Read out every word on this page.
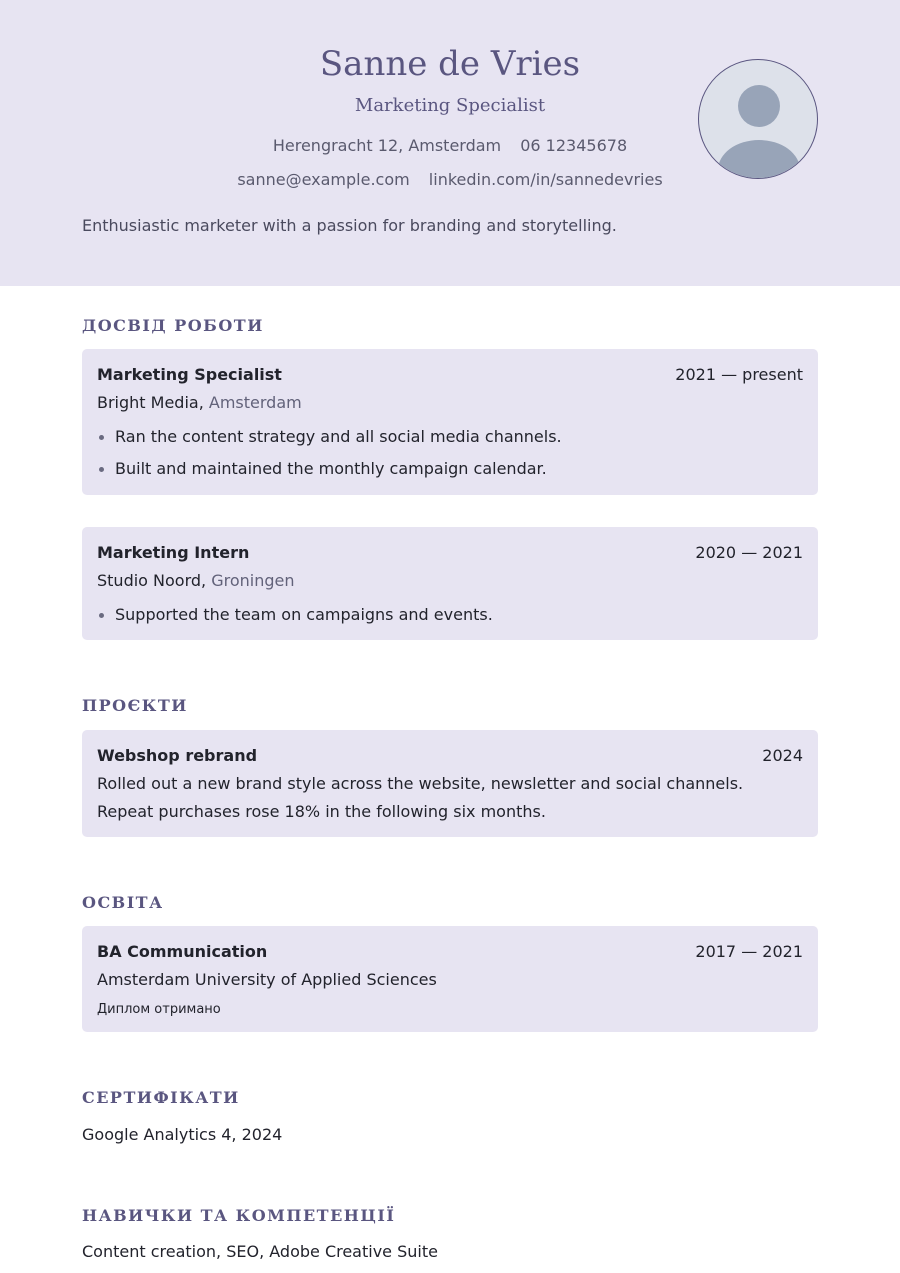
Sanne de Vries
Marketing Specialist
Herengracht 12, Amsterdam 06 12345678
sanne@example.com linkedin.com/in/sannedevries
Enthusiastic marketer with a passion for branding and storytelling.
ДОСВІД РОБОТИ
Marketing Specialist	2021 — present
Bright Media, Amsterdam
Ran the content strategy and all social media channels.
Built and maintained the monthly campaign calendar.
Marketing Intern	2020 — 2021
Studio Noord, Groningen
Supported the team on campaigns and events.
ПРОЄКТИ
Webshop rebrand	2024
Rolled out a new brand style across the website, newsletter and social channels. Repeat purchases rose 18% in the following six months.
ОСВІТА
BA Communication	2017 — 2021
Amsterdam University of Applied Sciences
Диплом отримано
СЕРТИФІКАТИ
Google Analytics 4, 2024
НАВИЧКИ ТА КОМПЕТЕНЦІЇ
Content creation, SEO, Adobe Creative Suite
